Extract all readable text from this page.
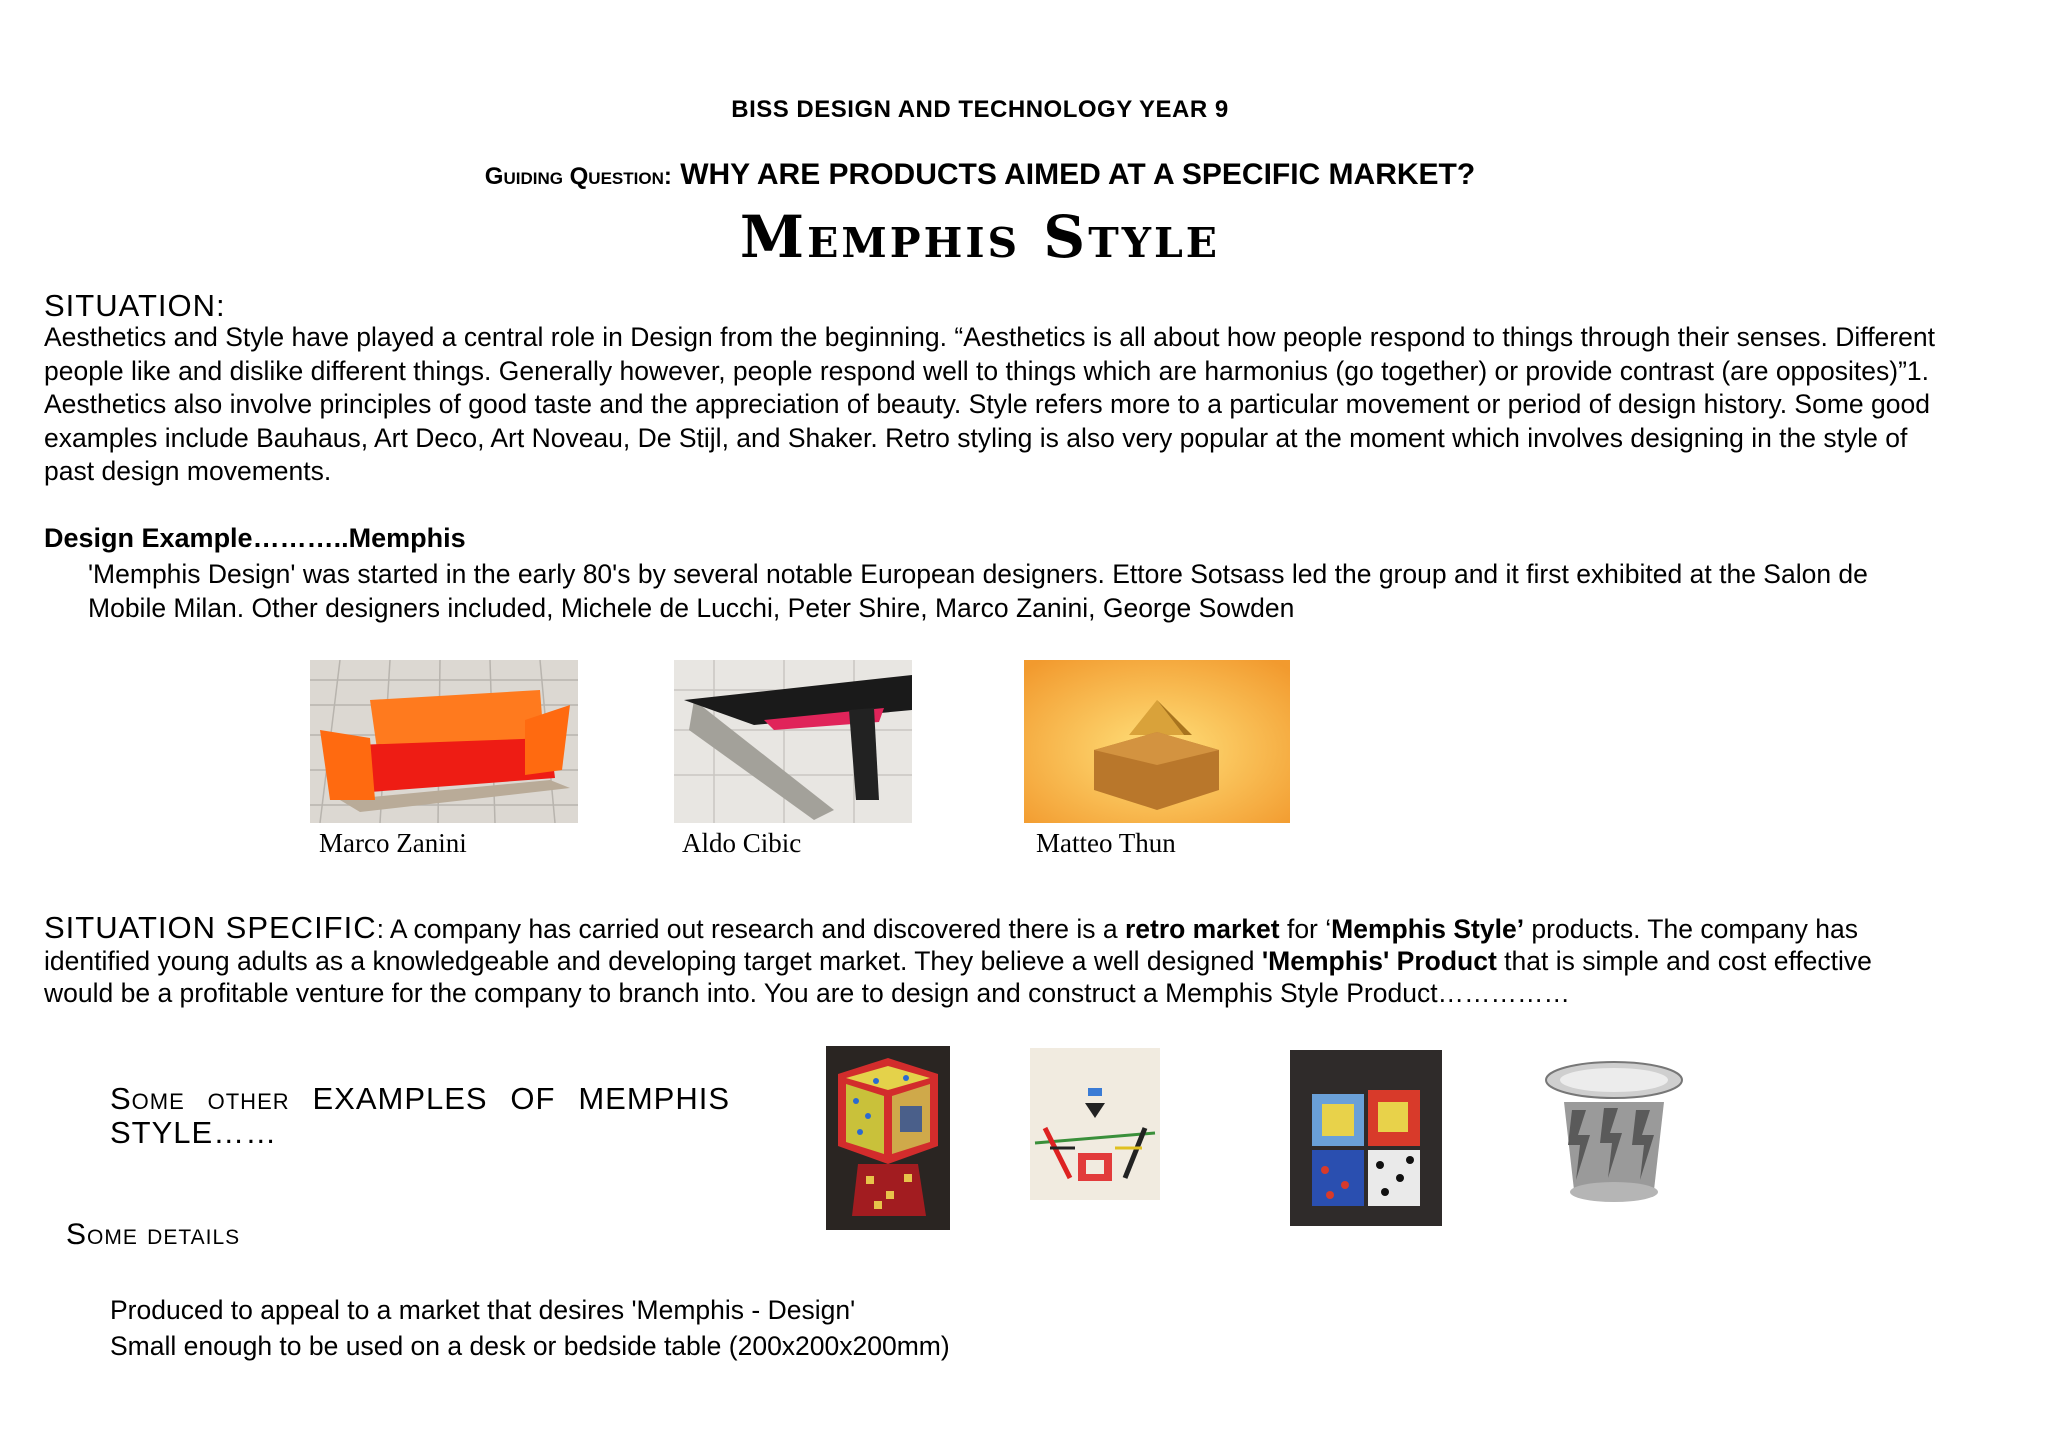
BISS DESIGN AND TECHNOLOGY YEAR 9
Guiding Question: WHY ARE PRODUCTS AIMED AT A SPECIFIC MARKET?
Memphis Style
SITUATION:
Aesthetics and Style have played a central role in Design from the beginning. “Aesthetics is all about how people respond to things through their senses. Different people like and dislike different things. Generally however, people respond well to things which are harmonius (go together) or provide contrast (are opposites)”1. Aesthetics also involve principles of good taste and the appreciation of beauty. Style refers more to a particular movement or period of design history. Some good examples include Bauhaus, Art Deco, Art Noveau, De Stijl, and Shaker. Retro styling is also very popular at the moment which involves designing in the style of past design movements.
Design Example………..Memphis
'Memphis Design' was started in the early 80's by several notable European designers. Ettore Sotsass led the group and it first exhibited at the Salon de Mobile Milan. Other designers included, Michele de Lucchi, Peter Shire, Marco Zanini, George Sowden
Marco Zanini	Aldo Cibic	Matteo Thun
SITUATION SPECIFIC: A company has carried out research and discovered there is a retro market for ‘Memphis Style’ products. The company has identified young adults as a knowledgeable and developing target market. They believe a well designed 'Memphis' Product that is simple and cost effective would be a profitable venture for the company to branch into. You are to design and construct a Memphis Style Product……………
Some other EXAMPLES OF MEMPHIS STYLE……
Some details
Produced to appeal to a market that desires 'Memphis - Design'
Small enough to be used on a desk or bedside table (200x200x200mm)
